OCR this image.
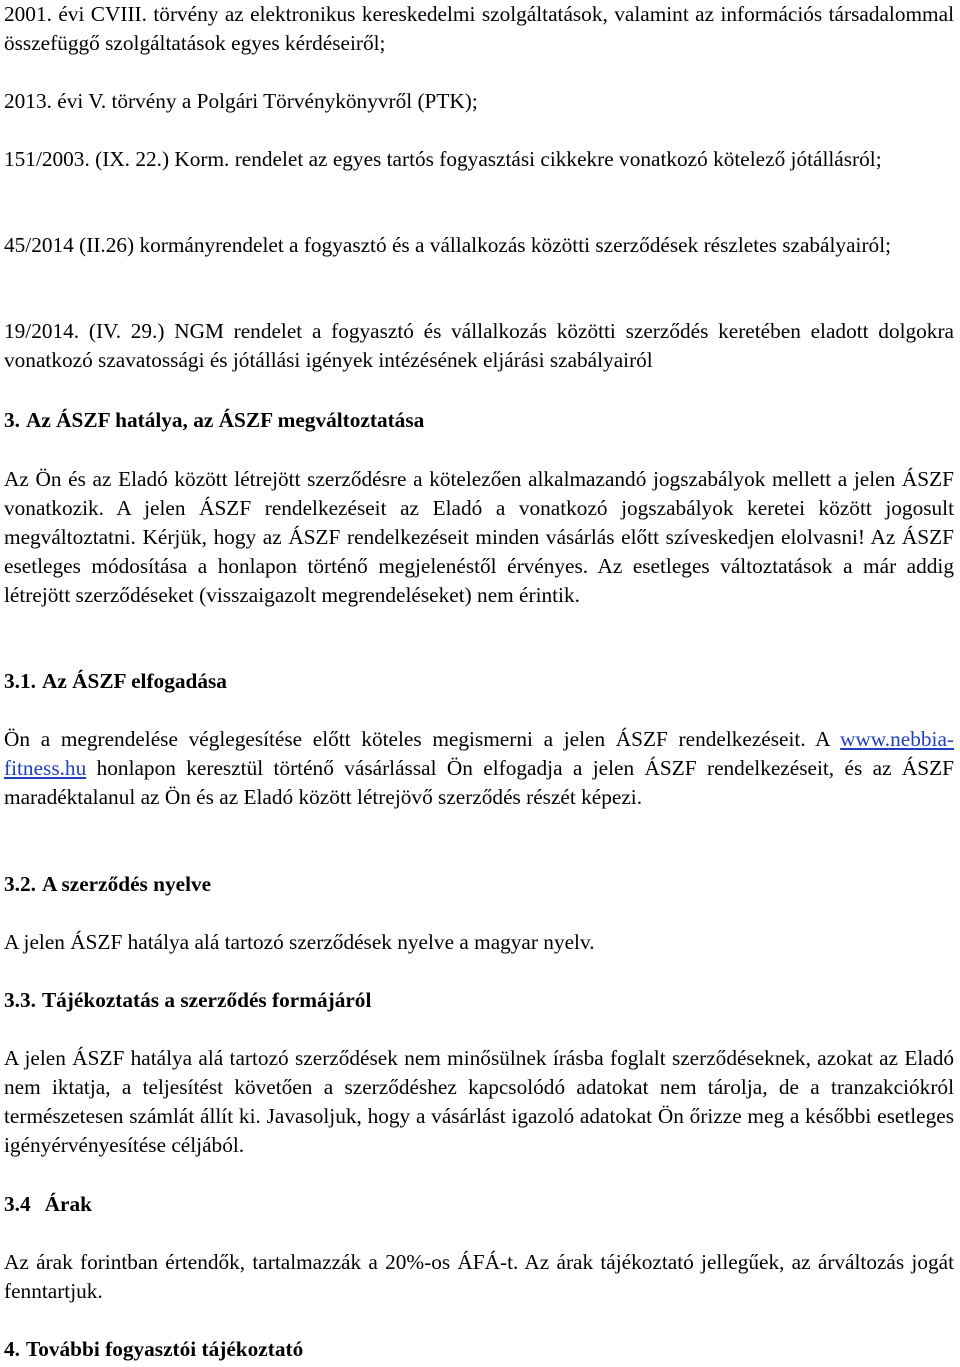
2001. évi CVIII. törvény az elektronikus kereskedelmi szolgáltatások, valamint az információs társadalommal összefüggő szolgáltatások egyes kérdéseiről;

2013. évi V. törvény a Polgári Törvénykönyvről (PTK);

151/2003. (IX. 22.) Korm. rendelet az egyes tartós fogyasztási cikkekre vonatkozó kötelező jótállásról;

45/2014 (II.26) kormányrendelet a fogyasztó és a vállalkozás közötti szerződések részletes szabályairól;

19/2014. (IV. 29.) NGM rendelet a fogyasztó és vállalkozás közötti szerződés keretében eladott dolgokra vonatkozó szavatossági és jótállási igények intézésének eljárási szabályairól

3. Az ÁSZF hatálya, az ÁSZF megváltoztatása

Az Ön és az Eladó között létrejött szerződésre a kötelezően alkalmazandó jogszabályok mellett a jelen ÁSZF vonatkozik. A jelen ÁSZF rendelkezéseit az Eladó a vonatkozó jogszabályok keretei között jogosult megváltoztatni. Kérjük, hogy az ÁSZF rendelkezéseit minden vásárlás előtt szíveskedjen elolvasni! Az ÁSZF esetleges módosítása a honlapon történő megjelenéstől érvényes. Az esetleges változtatások a már addig létrejött szerződéseket (visszaigazolt megrendeléseket) nem érintik.

3.1. Az ÁSZF elfogadása

Ön a megrendelése véglegesítése előtt köteles megismerni a jelen ÁSZF rendelkezéseit. A www.nebbia-fitness.hu honlapon keresztül történő vásárlással Ön elfogadja a jelen ÁSZF rendelkezéseit, és az ÁSZF maradéktalanul az Ön és az Eladó között létrejövő szerződés részét képezi.

3.2. A szerződés nyelve

A jelen ÁSZF hatálya alá tartozó szerződések nyelve a magyar nyelv.

3.3. Tájékoztatás a szerződés formájáról

A jelen ÁSZF hatálya alá tartozó szerződések nem minősülnek írásba foglalt szerződéseknek, azokat az Eladó nem iktatja, a teljesítést követően a szerződéshez kapcsolódó adatokat nem tárolja, de a tranzakciókról természetesen számlát állít ki. Javasoljuk, hogy a vásárlást igazoló adatokat Ön őrizze meg a későbbi esetleges igényérvényesítése céljából.

3.4 Árak

Az árak forintban értendők, tartalmazzák a 20%-os ÁFÁ-t. Az árak tájékoztató jellegűek, az árváltozás jogát fenntartjuk.

4. További fogyasztói tájékoztató
